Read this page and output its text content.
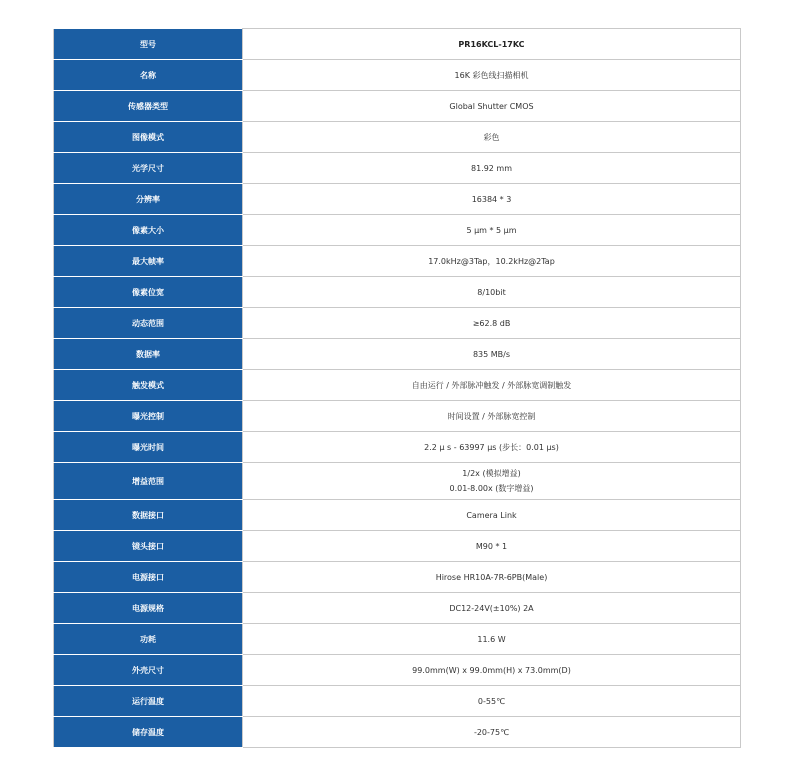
型号	PR16KCL-17KC
名称	16K 彩色线扫描相机
传感器类型	Global Shutter CMOS
图像模式	彩色
光学尺寸	81.92 mm
分辨率	16384 * 3
像素大小	5 μm * 5 μm
最大帧率	17.0kHz@3Tap，10.2kHz@2Tap
像素位宽	8/10bit
动态范围	≥62.8 dB
数据率	835 MB/s
触发模式	自由运行 / 外部脉冲触发 / 外部脉宽调制触发
曝光控制	时间设置 / 外部脉宽控制
曝光时间	2.2 μ s - 63997 μs (步长：0.01 μs)
增益范围	1/2x (模拟增益)
0.01-8.00x (数字增益)

数据接口	Camera Link
镜头接口	M90 * 1
电源接口	Hirose HR10A-7R-6PB(Male)
电源规格	DC12-24V(±10%) 2A
功耗	11.6 W
外壳尺寸	99.0mm(W) x 99.0mm(H) x 73.0mm(D)
运行温度	0-55℃
储存温度	-20-75℃
